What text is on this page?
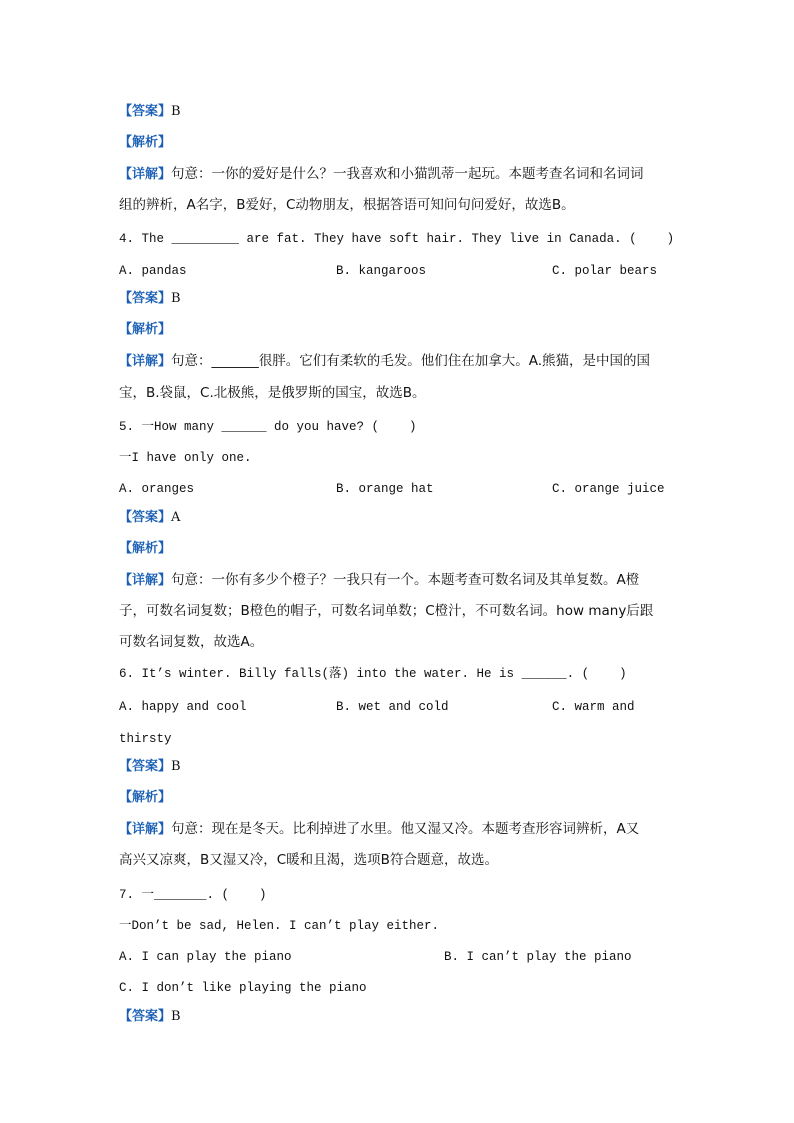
【答案】B
【解析】
【详解】句意：一你的爱好是什么？一我喜欢和小猫凯蒂一起玩。本题考查名词和名词词
组的辨析，A名字，B爱好，C动物朋友，根据答语可知问句问爱好，故选B。
4. The _________ are fat. They have soft hair. They live in Canada. (    )
A. pandas	B. kangaroos	C. polar bears
【答案】B
【解析】
【详解】句意：_______很胖。它们有柔软的毛发。他们住在加拿大。A.熊猫，是中国的国
宝，B.袋鼠，C.北极熊，是俄罗斯的国宝，故选B。
5. 一How many ______ do you have? (    )
一I have only one.
A. oranges	B. orange hat	C. orange juice
【答案】A
【解析】
【详解】句意：一你有多少个橙子？一我只有一个。本题考查可数名词及其单复数。A橙
子，可数名词复数；B橙色的帽子，可数名词单数；C橙汁，不可数名词。how many后跟
可数名词复数，故选A。
6. It’s winter. Billy falls(落) into the water. He is ______. (    )
A. happy and cool	B. wet and cold	C. warm and
thirsty
【答案】B
【解析】
【详解】句意：现在是冬天。比利掉进了水里。他又湿又冷。本题考查形容词辨析，A又
高兴又凉爽，B又湿又冷，C暖和且渴，选项B符合题意，故选。
7. 一_______. (    )
一Don’t be sad, Helen. I can’t play either.
A. I can play the piano	B. I can’t play the piano
C. I don’t like playing the piano
【答案】B
